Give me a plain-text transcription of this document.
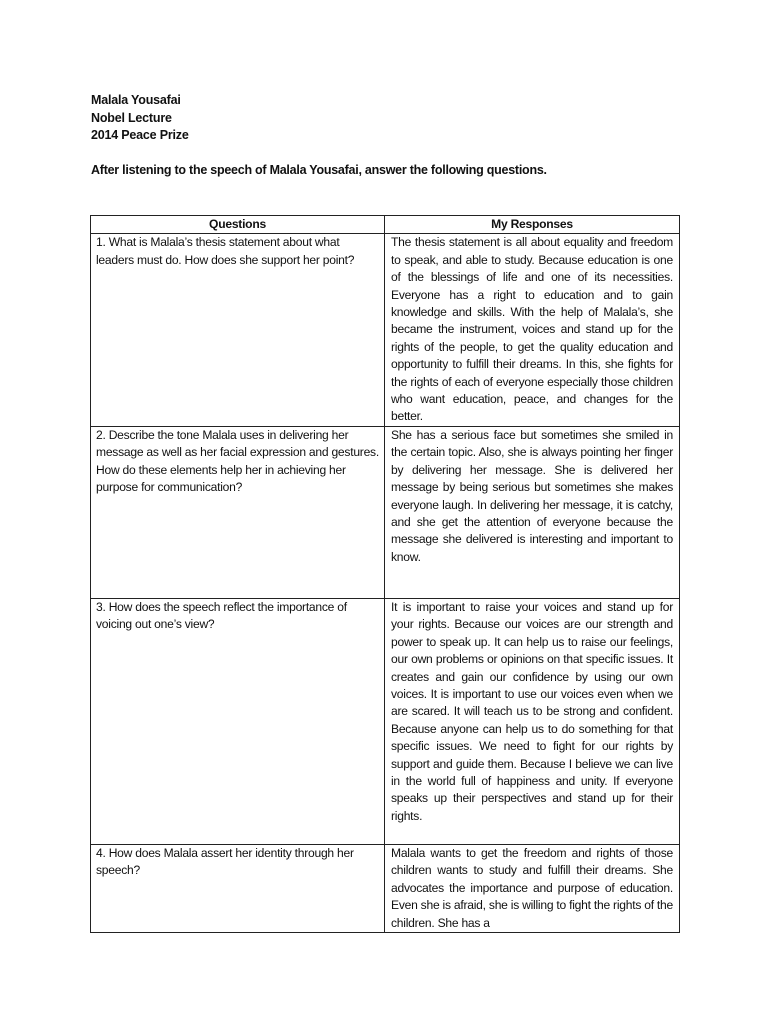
Malala Yousafai
Nobel Lecture
2014 Peace Prize
After listening to the speech of Malala Yousafai, answer the following questions.
Questions	My Responses
1. What is Malala’s thesis statement about what leaders must do. How does she support her point?	The thesis statement is all about equality and freedom to speak, and able to study. Because education is one of the blessings of life and one of its necessities. Everyone has a right to education and to gain knowledge and skills. With the help of Malala’s, she became the instrument, voices and stand up for the rights of the people, to get the quality education and opportunity to fulfill their dreams. In this, she fights for the rights of each of everyone especially those children who want education, peace, and changes for the better.
2. Describe the tone Malala uses in delivering her message as well as her facial expression and gestures. How do these elements help her in achieving her purpose for communication?	She has a serious face but sometimes she smiled in the certain topic. Also, she is always pointing her finger by delivering her message. She is delivered her message by being serious but sometimes she makes everyone laugh. In delivering her message, it is catchy, and she get the attention of everyone because the message she delivered is interesting and important to know.
3. How does the speech reflect the importance of voicing out one’s view?	It is important to raise your voices and stand up for your rights. Because our voices are our strength and power to speak up. It can help us to raise our feelings, our own problems or opinions on that specific issues. It creates and gain our confidence by using our own voices. It is important to use our voices even when we are scared. It will teach us to be strong and confident. Because anyone can help us to do something for that specific issues. We need to fight for our rights by support and guide them. Because I believe we can live in the world full of happiness and unity. If everyone speaks up their perspectives and stand up for their rights.

4. How does Malala assert her identity through her speech?	Malala wants to get the freedom and rights of those children wants to study and fulfill their dreams. She advocates the importance and purpose of education. Even she is afraid, she is willing to fight the rights of the children. She has a
